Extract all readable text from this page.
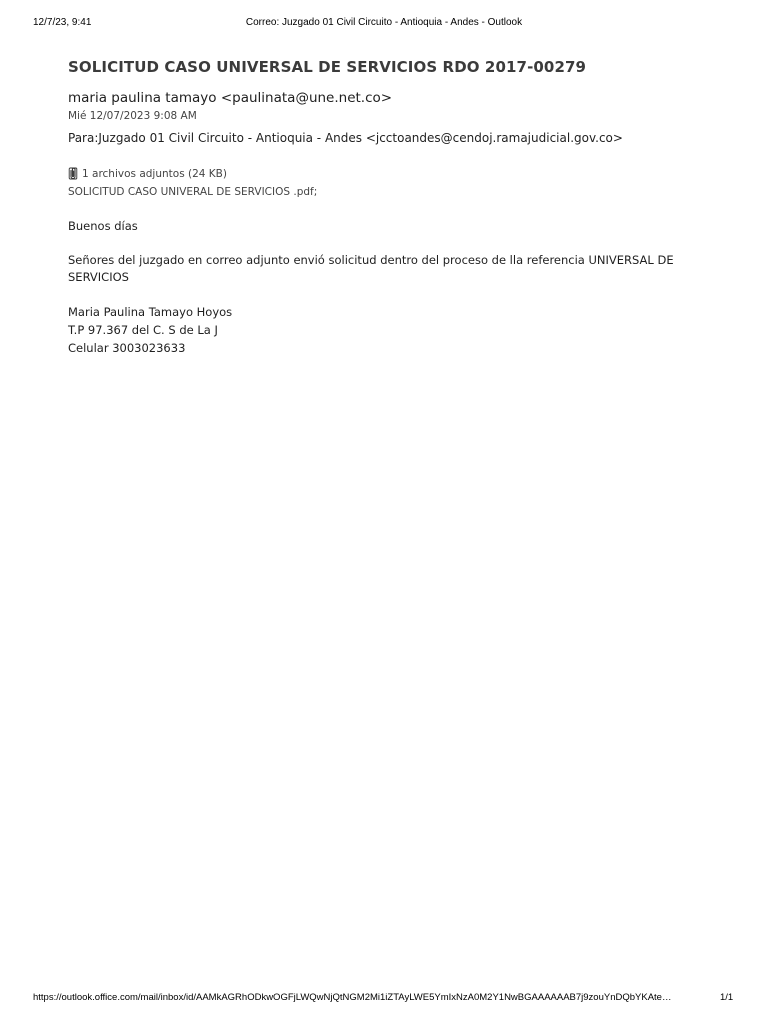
12/7/23, 9:41	Correo: Juzgado 01 Civil Circuito - Antioquia - Andes - Outlook
SOLICITUD CASO UNIVERSAL DE SERVICIOS RDO 2017-00279
maria paulina tamayo <paulinata@une.net.co>
Mié 12/07/2023 9:08 AM
Para:Juzgado 01 Civil Circuito - Antioquia - Andes <jcctoandes@cendoj.ramajudicial.gov.co>
1 archivos adjuntos (24 KB)
SOLICITUD CASO UNIVERAL DE SERVICIOS .pdf;

Buenos días

Señores del juzgado en correo adjunto envió solicitud dentro del proceso de lla referencia UNIVERSAL DE SERVICIOS

Maria Paulina Tamayo Hoyos
T.P 97.367 del C. S de La J
Celular 3003023633
https://outlook.office.com/mail/inbox/id/AAMkAGRhODkwOGFjLWQwNjQtNGM2Mi1iZTAyLWE5YmIxNzA0M2Y1NwBGAAAAAAB7j9zouYnDQbYKAte…	1/1
